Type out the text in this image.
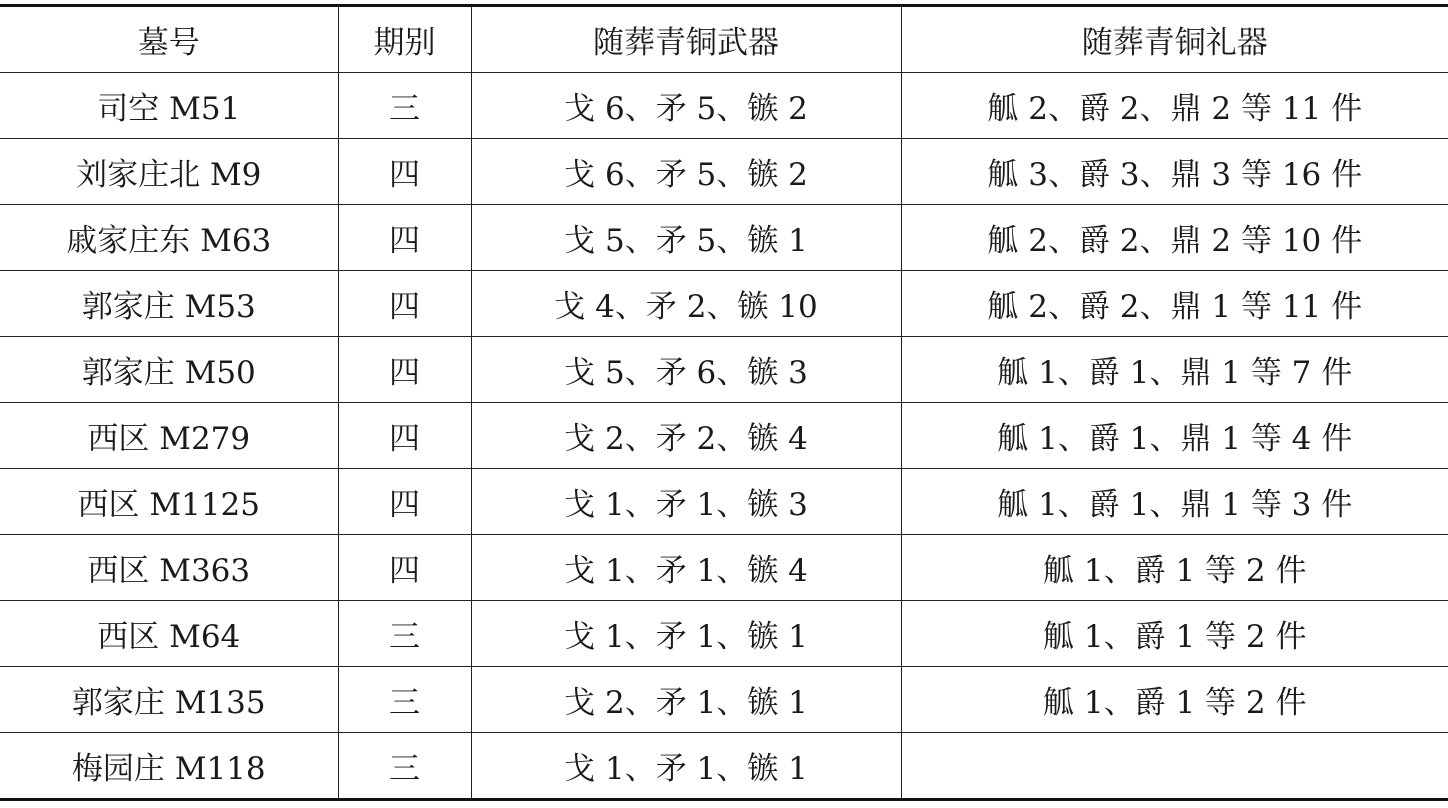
墓号	期别	随葬青铜武器	随葬青铜礼器
司空 M51	三	戈 6、矛 5、镞 2	觚 2、爵 2、鼎 2 等 11 件
刘家庄北 M9	四	戈 6、矛 5、镞 2	觚 3、爵 3、鼎 3 等 16 件
戚家庄东 M63	四	戈 5、矛 5、镞 1	觚 2、爵 2、鼎 2 等 10 件
郭家庄 M53	四	戈 4、矛 2、镞 10	觚 2、爵 2、鼎 1 等 11 件
郭家庄 M50	四	戈 5、矛 6、镞 3	觚 1、爵 1、鼎 1 等 7 件
西区 M279	四	戈 2、矛 2、镞 4	觚 1、爵 1、鼎 1 等 4 件
西区 M1125	四	戈 1、矛 1、镞 3	觚 1、爵 1、鼎 1 等 3 件
西区 M363	四	戈 1、矛 1、镞 4	觚 1、爵 1 等 2 件
西区 M64	三	戈 1、矛 1、镞 1	觚 1、爵 1 等 2 件
郭家庄 M135	三	戈 2、矛 1、镞 1	觚 1、爵 1 等 2 件
梅园庄 M118	三	戈 1、矛 1、镞 1	
